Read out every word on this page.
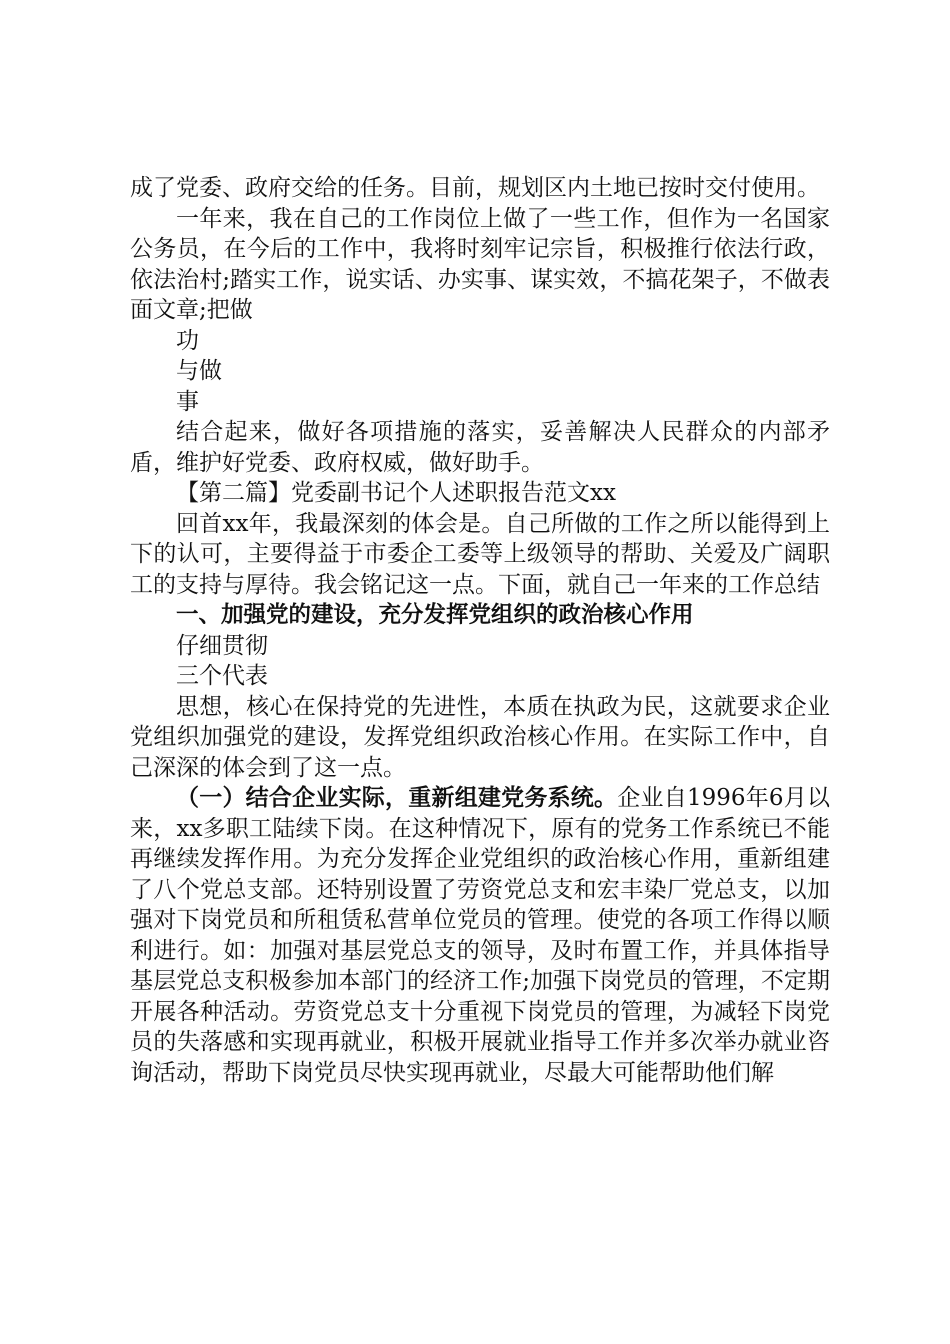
成了党委、政府交给的任务。目前，规划区内土地已按时交付使用。

一年来，我在自己的工作岗位上做了一些工作，但作为一名国家公务员，在今后的工作中，我将时刻牢记宗旨，积极推行依法行政，依法治村;踏实工作，说实话、办实事、谋实效，不搞花架子，不做表面文章;把做

功

与做

事

结合起来，做好各项措施的落实，妥善解决人民群众的内部矛盾，维护好党委、政府权威，做好助手。

【第二篇】党委副书记个人述职报告范文xx

回首xx年，我最深刻的体会是。自己所做的工作之所以能得到上下的认可，主要得益于市委企工委等上级领导的帮助、关爱及广阔职工的支持与厚待。我会铭记这一点。下面，就自己一年来的工作总结

一、加强党的建设，充分发挥党组织的政治核心作用

仔细贯彻

三个代表

思想，核心在保持党的先进性，本质在执政为民，这就要求企业党组织加强党的建设，发挥党组织政治核心作用。在实际工作中，自己深深的体会到了这一点。

（一）结合企业实际，重新组建党务系统。企业自1996年6月以来，xx多职工陆续下岗。在这种情况下，原有的党务工作系统已不能再继续发挥作用。为充分发挥企业党组织的政治核心作用，重新组建了八个党总支部。还特别设置了劳资党总支和宏丰染厂党总支，以加强对下岗党员和所租赁私营单位党员的管理。使党的各项工作得以顺利进行。如：加强对基层党总支的领导，及时布置工作，并具体指导基层党总支积极参加本部门的经济工作;加强下岗党员的管理，不定期开展各种活动。劳资党总支十分重视下岗党员的管理，为减轻下岗党员的失落感和实现再就业，积极开展就业指导工作并多次举办就业咨询活动，帮助下岗党员尽快实现再就业，尽最大可能帮助他们解
